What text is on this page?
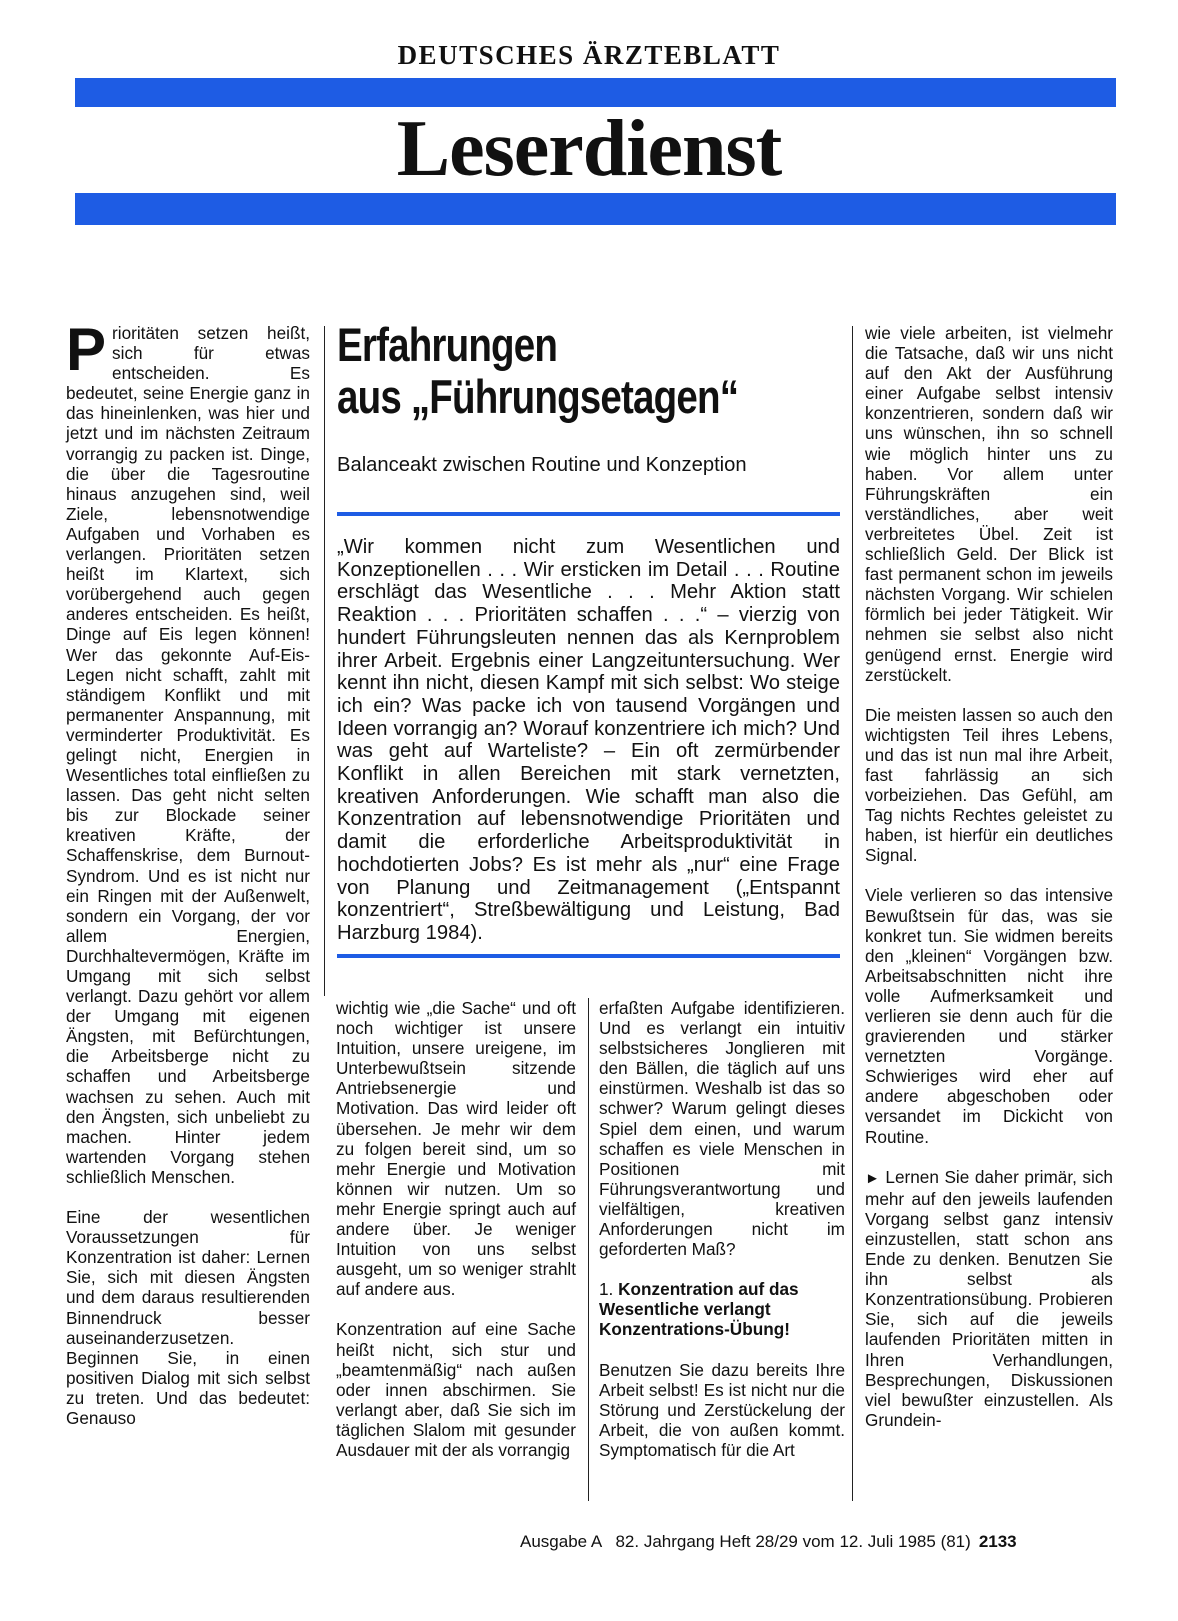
DEUTSCHES ÄRZTEBLATT
Leserdienst

Prioritäten setzen heißt, sich für etwas entscheiden. Es bedeutet, seine Energie ganz in das hineinlenken, was hier und jetzt und im nächsten Zeitraum vorrangig zu packen ist. Dinge, die über die Tagesroutine hinaus anzugehen sind, weil Ziele, lebensnotwendige Aufgaben und Vorhaben es verlangen. Prioritäten setzen heißt im Klartext, sich vorübergehend auch gegen anderes entscheiden. Es heißt, Dinge auf Eis legen können! Wer das gekonnte Auf-Eis-Legen nicht schafft, zahlt mit ständigem Konflikt und mit permanenter Anspannung, mit verminderter Produktivität. Es gelingt nicht, Energien in Wesentliches total einfließen zu lassen. Das geht nicht selten bis zur Blockade seiner kreativen Kräfte, der Schaffenskrise, dem Burnout-Syndrom. Und es ist nicht nur ein Ringen mit der Außenwelt, sondern ein Vorgang, der vor allem Energien, Durchhaltevermögen, Kräfte im Umgang mit sich selbst verlangt. Dazu gehört vor allem der Umgang mit eigenen Ängsten, mit Befürchtungen, die Arbeitsberge nicht zu schaffen und Arbeitsberge wachsen zu sehen. Auch mit den Ängsten, sich unbeliebt zu machen. Hinter jedem wartenden Vorgang stehen schließlich Menschen.

Eine der wesentlichen Voraussetzungen für Konzentration ist daher: Lernen Sie, sich mit diesen Ängsten und dem daraus resultierenden Binnendruck besser auseinanderzusetzen. Beginnen Sie, in einen positiven Dialog mit sich selbst zu treten. Und das bedeutet: Genauso

Erfahrungen
aus „Führungsetagen“
Balanceakt zwischen Routine und Konzeption
„Wir kommen nicht zum Wesentlichen und Konzeptionellen . . . Wir ersticken im Detail . . . Routine erschlägt das Wesentliche . . . Mehr Aktion statt Reaktion . . . Prioritäten schaffen . . .“ – vierzig von hundert Führungsleuten nennen das als Kernproblem ihrer Arbeit. Ergebnis einer Langzeituntersuchung. Wer kennt ihn nicht, diesen Kampf mit sich selbst: Wo steige ich ein? Was packe ich von tausend Vorgängen und Ideen vorrangig an? Worauf konzentriere ich mich? Und was geht auf Warteliste? – Ein oft zermürbender Konflikt in allen Bereichen mit stark vernetzten, kreativen Anforderungen. Wie schafft man also die Konzentration auf lebensnotwendige Prioritäten und damit die erforderliche Arbeitsproduktivität in hochdotierten Jobs? Es ist mehr als „nur“ eine Frage von Planung und Zeitmanagement („Entspannt konzentriert“, Streßbewältigung und Leistung, Bad Harzburg 1984).

wichtig wie „die Sache“ und oft noch wichtiger ist unsere Intuition, unsere ureigene, im Unterbewußtsein sitzende Antriebsenergie und Motivation. Das wird leider oft übersehen. Je mehr wir dem zu folgen bereit sind, um so mehr Energie und Motivation können wir nutzen. Um so mehr Energie springt auch auf andere über. Je weniger Intuition von uns selbst ausgeht, um so weniger strahlt auf andere aus.

Konzentration auf eine Sache heißt nicht, sich stur und „beamtenmäßig“ nach außen oder innen abschirmen. Sie verlangt aber, daß Sie sich im täglichen Slalom mit gesunder Ausdauer mit der als vorrangig

erfaßten Aufgabe identifizieren. Und es verlangt ein intuitiv selbstsicheres Jonglieren mit den Bällen, die täglich auf uns einstürmen. Weshalb ist das so schwer? Warum gelingt dieses Spiel dem einen, und warum schaffen es viele Menschen in Positionen mit Führungsverantwortung und vielfältigen, kreativen Anforderungen nicht im geforderten Maß?

1. Konzentration auf das Wesentliche verlangt Konzentrations-Übung!

Benutzen Sie dazu bereits Ihre Arbeit selbst! Es ist nicht nur die Störung und Zerstückelung der Arbeit, die von außen kommt. Symptomatisch für die Art

wie viele arbeiten, ist vielmehr die Tatsache, daß wir uns nicht auf den Akt der Ausführung einer Aufgabe selbst intensiv konzentrieren, sondern daß wir uns wünschen, ihn so schnell wie möglich hinter uns zu haben. Vor allem unter Führungskräften ein verständliches, aber weit verbreitetes Übel. Zeit ist schließlich Geld. Der Blick ist fast permanent schon im jeweils nächsten Vorgang. Wir schielen förmlich bei jeder Tätigkeit. Wir nehmen sie selbst also nicht genügend ernst. Energie wird zerstückelt.

Die meisten lassen so auch den wichtigsten Teil ihres Lebens, und das ist nun mal ihre Arbeit, fast fahrlässig an sich vorbeiziehen. Das Gefühl, am Tag nichts Rechtes geleistet zu haben, ist hierfür ein deutliches Signal.

Viele verlieren so das intensive Bewußtsein für das, was sie konkret tun. Sie widmen bereits den „kleinen“ Vorgängen bzw. Arbeitsabschnitten nicht ihre volle Aufmerksamkeit und verlieren sie denn auch für die gravierenden und stärker vernetzten Vorgänge. Schwieriges wird eher auf andere abgeschoben oder versandet im Dickicht von Routine.

► Lernen Sie daher primär, sich mehr auf den jeweils laufenden Vorgang selbst ganz intensiv einzustellen, statt schon ans Ende zu denken. Benutzen Sie ihn selbst als Konzentrationsübung. Probieren Sie, sich auf die jeweils laufenden Prioritäten mitten in Ihren Verhandlungen, Besprechungen, Diskussionen viel bewußter einzustellen. Als Grundein-

Ausgabe A   82. Jahrgang Heft 28/29 vom 12. Juli 1985 (81) 2133
